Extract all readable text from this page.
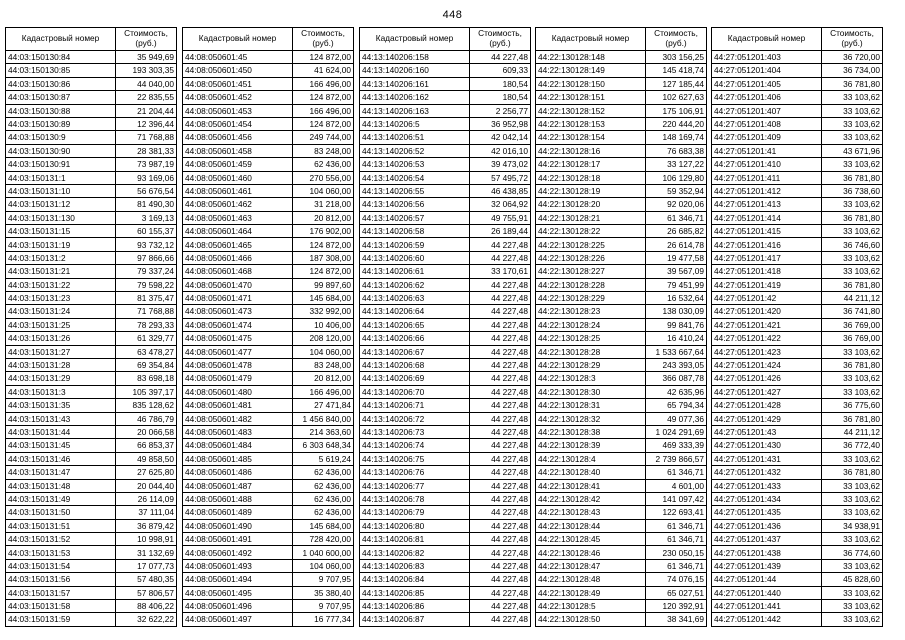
448
Кадастровый номер	Стоимость, (руб.)
44:03:150130:84	35 949,69
44:03:150130:85	193 303,35
44:03:150130:86	44 040,00
44:03:150130:87	22 835,55
44:03:150130:88	21 204,44
44:03:150130:89	12 396,44
44:03:150130:9	71 768,88
44:03:150130:90	28 381,33
44:03:150130:91	73 987,19
44:03:150131:1	93 169,06
44:03:150131:10	56 676,54
44:03:150131:12	81 490,30
44:03:150131:130	3 169,13
44:03:150131:15	60 155,37
44:03:150131:19	93 732,12
44:03:150131:2	97 866,66
44:03:150131:21	79 337,24
44:03:150131:22	79 598,22
44:03:150131:23	81 375,47
44:03:150131:24	71 768,88
44:03:150131:25	78 293,33
44:03:150131:26	61 329,77
44:03:150131:27	63 478,27
44:03:150131:28	69 354,84
44:03:150131:29	83 698,18
44:03:150131:3	105 397,17
44:03:150131:35	835 128,62
44:03:150131:43	46 786,79
44:03:150131:44	20 066,58
44:03:150131:45	66 853,37
44:03:150131:46	49 858,50
44:03:150131:47	27 625,80
44:03:150131:48	20 044,40
44:03:150131:49	26 114,09
44:03:150131:50	37 111,04
44:03:150131:51	36 879,42
44:03:150131:52	10 998,91
44:03:150131:53	31 132,69
44:03:150131:54	17 077,73
44:03:150131:56	57 480,35
44:03:150131:57	57 806,57
44:03:150131:58	88 406,22
44:03:150131:59	32 622,22
Кадастровый номер	Стоимость, (руб.)
44:08:050601:45	124 872,00
44:08:050601:450	41 624,00
44:08:050601:451	166 496,00
44:08:050601:452	124 872,00
44:08:050601:453	166 496,00
44:08:050601:454	124 872,00
44:08:050601:456	249 744,00
44:08:050601:458	83 248,00
44:08:050601:459	62 436,00
44:08:050601:460	270 556,00
44:08:050601:461	104 060,00
44:08:050601:462	31 218,00
44:08:050601:463	20 812,00
44:08:050601:464	176 902,00
44:08:050601:465	124 872,00
44:08:050601:466	187 308,00
44:08:050601:468	124 872,00
44:08:050601:470	99 897,60
44:08:050601:471	145 684,00
44:08:050601:473	332 992,00
44:08:050601:474	10 406,00
44:08:050601:475	208 120,00
44:08:050601:477	104 060,00
44:08:050601:478	83 248,00
44:08:050601:479	20 812,00
44:08:050601:480	166 496,00
44:08:050601:481	27 471,84
44:08:050601:482	1 456 840,00
44:08:050601:483	214 363,60
44:08:050601:484	6 303 648,34
44:08:050601:485	5 619,24
44:08:050601:486	62 436,00
44:08:050601:487	62 436,00
44:08:050601:488	62 436,00
44:08:050601:489	62 436,00
44:08:050601:490	145 684,00
44:08:050601:491	728 420,00
44:08:050601:492	1 040 600,00
44:08:050601:493	104 060,00
44:08:050601:494	9 707,95
44:08:050601:495	35 380,40
44:08:050601:496	9 707,95
44:08:050601:497	16 777,34
Кадастровый номер	Стоимость, (руб.)
44:13:140206:158	44 227,48
44:13:140206:160	609,33
44:13:140206:161	180,54
44:13:140206:162	180,54
44:13:140206:163	2 256,77
44:13:140206:5	36 952,98
44:13:140206:51	42 042,14
44:13:140206:52	42 016,10
44:13:140206:53	39 473,02
44:13:140206:54	57 495,72
44:13:140206:55	46 438,85
44:13:140206:56	32 064,92
44:13:140206:57	49 755,91
44:13:140206:58	26 189,44
44:13:140206:59	44 227,48
44:13:140206:60	44 227,48
44:13:140206:61	33 170,61
44:13:140206:62	44 227,48
44:13:140206:63	44 227,48
44:13:140206:64	44 227,48
44:13:140206:65	44 227,48
44:13:140206:66	44 227,48
44:13:140206:67	44 227,48
44:13:140206:68	44 227,48
44:13:140206:69	44 227,48
44:13:140206:70	44 227,48
44:13:140206:71	44 227,48
44:13:140206:72	44 227,48
44:13:140206:73	44 227,48
44:13:140206:74	44 227,48
44:13:140206:75	44 227,48
44:13:140206:76	44 227,48
44:13:140206:77	44 227,48
44:13:140206:78	44 227,48
44:13:140206:79	44 227,48
44:13:140206:80	44 227,48
44:13:140206:81	44 227,48
44:13:140206:82	44 227,48
44:13:140206:83	44 227,48
44:13:140206:84	44 227,48
44:13:140206:85	44 227,48
44:13:140206:86	44 227,48
44:13:140206:87	44 227,48
Кадастровый номер	Стоимость, (руб.)
44:22:130128:148	303 156,25
44:22:130128:149	145 418,74
44:22:130128:150	127 185,44
44:22:130128:151	102 627,63
44:22:130128:152	175 106,91
44:22:130128:153	220 444,20
44:22:130128:154	148 169,74
44:22:130128:16	76 683,38
44:22:130128:17	33 127,22
44:22:130128:18	106 129,80
44:22:130128:19	59 352,94
44:22:130128:20	92 020,06
44:22:130128:21	61 346,71
44:22:130128:22	26 685,82
44:22:130128:225	26 614,78
44:22:130128:226	19 477,58
44:22:130128:227	39 567,09
44:22:130128:228	79 451,99
44:22:130128:229	16 532,64
44:22:130128:23	138 030,09
44:22:130128:24	99 841,76
44:22:130128:25	16 410,24
44:22:130128:28	1 533 667,64
44:22:130128:29	243 393,05
44:22:130128:3	366 087,78
44:22:130128:30	42 635,96
44:22:130128:31	65 794,34
44:22:130128:32	49 077,36
44:22:130128:38	1 024 291,69
44:22:130128:39	469 333,39
44:22:130128:4	2 739 866,57
44:22:130128:40	61 346,71
44:22:130128:41	4 601,00
44:22:130128:42	141 097,42
44:22:130128:43	122 693,41
44:22:130128:44	61 346,71
44:22:130128:45	61 346,71
44:22:130128:46	230 050,15
44:22:130128:47	61 346,71
44:22:130128:48	74 076,15
44:22:130128:49	65 027,51
44:22:130128:5	120 392,91
44:22:130128:50	38 341,69
Кадастровый номер	Стоимость, (руб.)
44:27:051201:403	36 720,00
44:27:051201:404	36 734,00
44:27:051201:405	36 781,80
44:27:051201:406	33 103,62
44:27:051201:407	33 103,62
44:27:051201:408	33 103,62
44:27:051201:409	33 103,62
44:27:051201:41	43 671,96
44:27:051201:410	33 103,62
44:27:051201:411	36 781,80
44:27:051201:412	36 738,60
44:27:051201:413	33 103,62
44:27:051201:414	36 781,80
44:27:051201:415	33 103,62
44:27:051201:416	36 746,60
44:27:051201:417	33 103,62
44:27:051201:418	33 103,62
44:27:051201:419	36 781,80
44:27:051201:42	44 211,12
44:27:051201:420	36 741,80
44:27:051201:421	36 769,00
44:27:051201:422	36 769,00
44:27:051201:423	33 103,62
44:27:051201:424	36 781,80
44:27:051201:426	33 103,62
44:27:051201:427	33 103,62
44:27:051201:428	36 775,60
44:27:051201:429	36 781,80
44:27:051201:43	44 211,12
44:27:051201:430	36 772,40
44:27:051201:431	33 103,62
44:27:051201:432	36 781,80
44:27:051201:433	33 103,62
44:27:051201:434	33 103,62
44:27:051201:435	33 103,62
44:27:051201:436	34 938,91
44:27:051201:437	33 103,62
44:27:051201:438	36 774,60
44:27:051201:439	33 103,62
44:27:051201:44	45 828,60
44:27:051201:440	33 103,62
44:27:051201:441	33 103,62
44:27:051201:442	33 103,62
